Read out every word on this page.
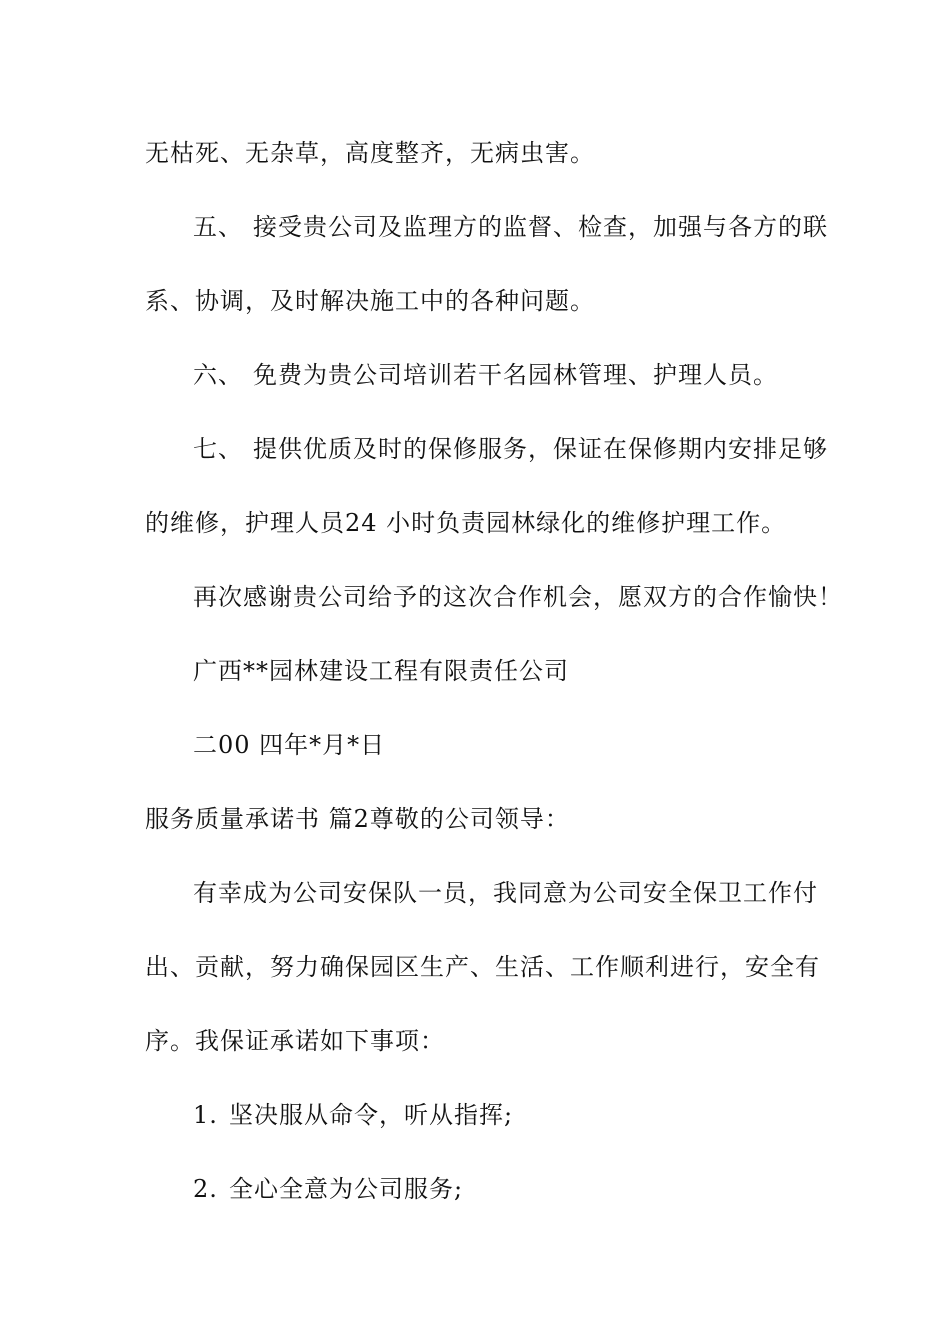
无枯死、无杂草，高度整齐，无病虫害。
五、 接受贵公司及监理方的监督、检查，加强与各方的联
系、协调，及时解决施工中的各种问题。
六、 免费为贵公司培训若干名园林管理、护理人员。
七、 提供优质及时的保修服务，保证在保修期内安排足够
的维修，护理人员24 小时负责园林绿化的维修护理工作。
再次感谢贵公司给予的这次合作机会，愿双方的合作愉快！
广西**园林建设工程有限责任公司
二00 四年*月*日
服务质量承诺书 篇2尊敬的公司领导：
有幸成为公司安保队一员，我同意为公司安全保卫工作付
出、贡献，努力确保园区生产、生活、工作顺利进行，安全有
序。我保证承诺如下事项：
1. 坚决服从命令，听从指挥;
2. 全心全意为公司服务;
